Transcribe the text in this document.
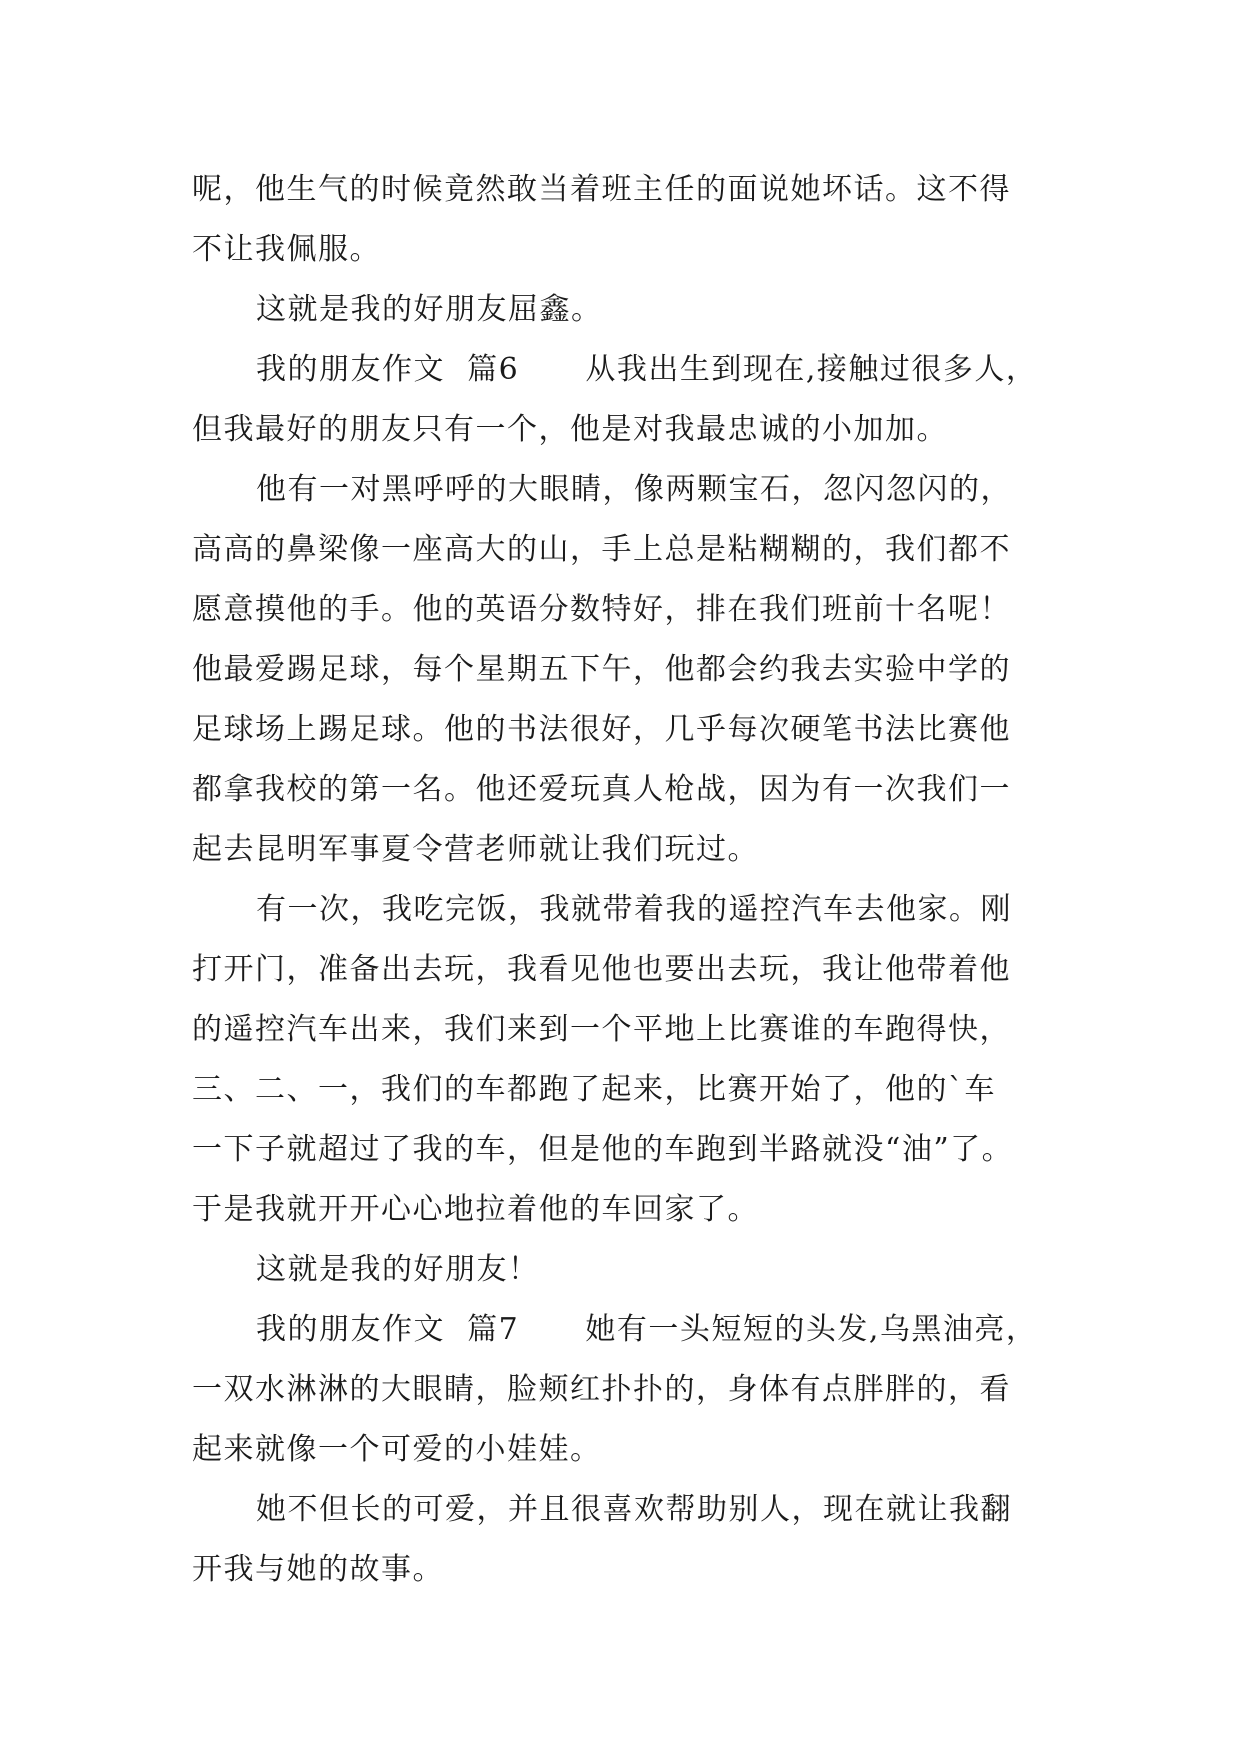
呢，他生气的时候竟然敢当着班主任的面说她坏话。这不得
不让我佩服。
这就是我的好朋友屈鑫。
我的朋友作文  篇6      从我出生到现在,接触过很多人，
但我最好的朋友只有一个，他是对我最忠诚的小加加。
他有一对黑呼呼的大眼睛，像两颗宝石，忽闪忽闪的，
高高的鼻梁像一座高大的山，手上总是粘糊糊的，我们都不
愿意摸他的手。他的英语分数特好，排在我们班前十名呢！
他最爱踢足球，每个星期五下午，他都会约我去实验中学的
足球场上踢足球。他的书法很好，几乎每次硬笔书法比赛他
都拿我校的第一名。他还爱玩真人枪战，因为有一次我们一
起去昆明军事夏令营老师就让我们玩过。
有一次，我吃完饭，我就带着我的遥控汽车去他家。刚
打开门，准备出去玩，我看见他也要出去玩，我让他带着他
的遥控汽车出来，我们来到一个平地上比赛谁的车跑得快，
三、二、一，我们的车都跑了起来，比赛开始了，他的`车
一下子就超过了我的车，但是他的车跑到半路就没“油”了。
于是我就开开心心地拉着他的车回家了。
这就是我的好朋友！
我的朋友作文  篇7      她有一头短短的头发,乌黑油亮，
一双水淋淋的大眼睛，脸颊红扑扑的，身体有点胖胖的，看
起来就像一个可爱的小娃娃。
她不但长的可爱，并且很喜欢帮助别人，现在就让我翻
开我与她的故事。
